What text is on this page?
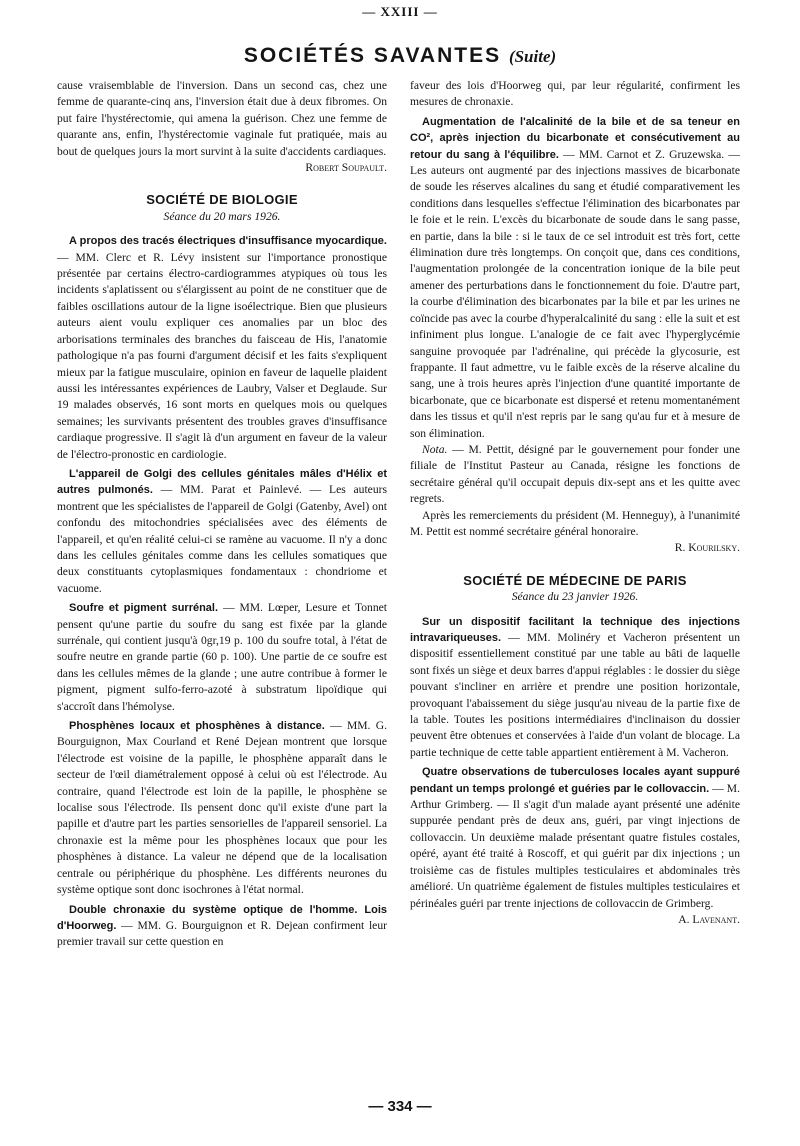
— XXIII —
SOCIÉTÉS SAVANTES (Suite)

cause vraisemblable de l'inversion. Dans un second cas, chez une femme de quarante-cinq ans, l'inversion était due à deux fibromes. On put faire l'hystérectomie, qui amena la guérison. Chez une femme de quarante ans, enfin, l'hystérectomie vaginale fut pratiquée, mais au bout de quelques jours la mort survint à la suite d'accidents cardiaques.

Robert Soupault.

SOCIÉTÉ DE BIOLOGIE
Séance du 20 mars 1926.

A propos des tracés électriques d'insuffisance myocardique. — MM. Clerc et R. Lévy insistent sur l'importance pronostique présentée par certains électro-cardiogrammes atypiques où tous les incidents s'aplatissent ou s'élargissent au point de ne constituer que de faibles oscillations autour de la ligne isoélectrique. Bien que plusieurs auteurs aient voulu expliquer ces anomalies par un bloc des arborisations terminales des branches du faisceau de His, l'anatomie pathologique n'a pas fourni d'argument décisif et les faits s'expliquent mieux par la fatigue musculaire, opinion en faveur de laquelle plaident aussi les intéressantes expériences de Laubry, Valser et Deglaude. Sur 19 malades observés, 16 sont morts en quelques mois ou quelques semaines; les survivants présentent des troubles graves d'insuffisance cardiaque progressive. Il s'agit là d'un argument en faveur de la valeur de l'électro-pronostic en cardiologie.

L'appareil de Golgi des cellules génitales mâles d'Hélix et autres pulmonés. — MM. Parat et Painlevé. — Les auteurs montrent que les spécialistes de l'appareil de Golgi (Gatenby, Avel) ont confondu des mitochondries spécialisées avec des éléments de l'appareil, et qu'en réalité celui-ci se ramène au vacuome. Il n'y a donc dans les cellules génitales comme dans les cellules somatiques que deux constituants cytoplasmiques fondamentaux : chondriome et vacuome.

Soufre et pigment surrénal. — MM. Lœper, Lesure et Tonnet pensent qu'une partie du soufre du sang est fixée par la glande surrénale, qui contient jusqu'à 0gr,19 p. 100 du soufre total, à l'état de soufre neutre en grande partie (60 p. 100). Une partie de ce soufre est dans les cellules mêmes de la glande ; une autre contribue à former le pigment, pigment sulfo-ferro-azoté à substratum lipoïdique qui s'accroît dans l'hémolyse.

Phosphènes locaux et phosphènes à distance. — MM. G. Bourguignon, Max Courland et René Dejean montrent que lorsque l'électrode est voisine de la papille, le phosphène apparaît dans le secteur de l'œil diamétralement opposé à celui où est l'électrode. Au contraire, quand l'électrode est loin de la papille, le phosphène se localise sous l'électrode. Ils pensent donc qu'il existe d'une part la papille et d'autre part les parties sensorielles de l'appareil sensoriel. La chronaxie est la même pour les phosphènes locaux que pour les phosphènes à distance. La valeur ne dépend que de la localisation centrale ou périphérique du phosphène. Les différents neurones du système optique sont donc isochrones à l'état normal.

Double chronaxie du système optique de l'homme. Lois d'Hoorweg. — MM. G. Bourguignon et R. Dejean confirment leur premier travail sur cette question en

faveur des lois d'Hoorweg qui, par leur régularité, confirment les mesures de chronaxie.

Augmentation de l'alcalinité de la bile et de sa teneur en CO², après injection du bicarbonate et consécutivement au retour du sang à l'équilibre. — MM. Carnot et Z. Gruzewska. — Les auteurs ont augmenté par des injections massives de bicarbonate de soude les réserves alcalines du sang et étudié comparativement les conditions dans lesquelles s'effectue l'élimination des bicarbonates par le foie et le rein. L'excès du bicarbonate de soude dans le sang passe, en partie, dans la bile : si le taux de ce sel introduit est très fort, cette élimination dure très longtemps. On conçoit que, dans ces conditions, l'augmentation prolongée de la concentration ionique de la bile peut amener des perturbations dans le fonctionnement du foie. D'autre part, la courbe d'élimination des bicarbonates par la bile et par les urines ne coïncide pas avec la courbe d'hyperalcalinité du sang : elle la suit et est infiniment plus longue. L'analogie de ce fait avec l'hyperglycémie sanguine provoquée par l'adrénaline, qui précède la glycosurie, est frappante. Il faut admettre, vu le faible excès de la réserve alcaline du sang, une à trois heures après l'injection d'une quantité importante de bicarbonate, que ce bicarbonate est dispersé et retenu momentanément dans les tissus et qu'il n'est repris par le sang qu'au fur et à mesure de son élimination.

Nota. — M. Pettit, désigné par le gouvernement pour fonder une filiale de l'Institut Pasteur au Canada, résigne les fonctions de secrétaire général qu'il occupait depuis dix-sept ans et les quitte avec regrets.

Après les remerciements du président (M. Henneguy), à l'unanimité M. Pettit est nommé secrétaire général honoraire.

R. Kourilsky.

SOCIÉTÉ DE MÉDECINE DE PARIS
Séance du 23 janvier 1926.

Sur un dispositif facilitant la technique des injections intravariqueuses. — MM. Molinéry et Vacheron présentent un dispositif essentiellement constitué par une table au bâti de laquelle sont fixés un siège et deux barres d'appui réglables : le dossier du siège pouvant s'incliner en arrière et prendre une position horizontale, provoquant l'abaissement du siège jusqu'au niveau de la partie fixe de la table. Toutes les positions intermédiaires d'inclinaison du dossier peuvent être obtenues et conservées à l'aide d'un volant de blocage. La partie technique de cette table appartient entièrement à M. Vacheron.

Quatre observations de tuberculoses locales ayant suppuré pendant un temps prolongé et guéries par le collovaccin. — M. Arthur Grimberg. — Il s'agit d'un malade ayant présenté une adénite suppurée pendant près de deux ans, guéri, par vingt injections de collovaccin. Un deuxième malade présentant quatre fistules costales, opéré, ayant été traité à Roscoff, et qui guérit par dix injections ; un troisième cas de fistules multiples testiculaires et abdominales très amélioré. Un quatrième également de fistules multiples testiculaires et périnéales guéri par trente injections de collovaccin de Grimberg.

A. Lavenant.

— 334 —
